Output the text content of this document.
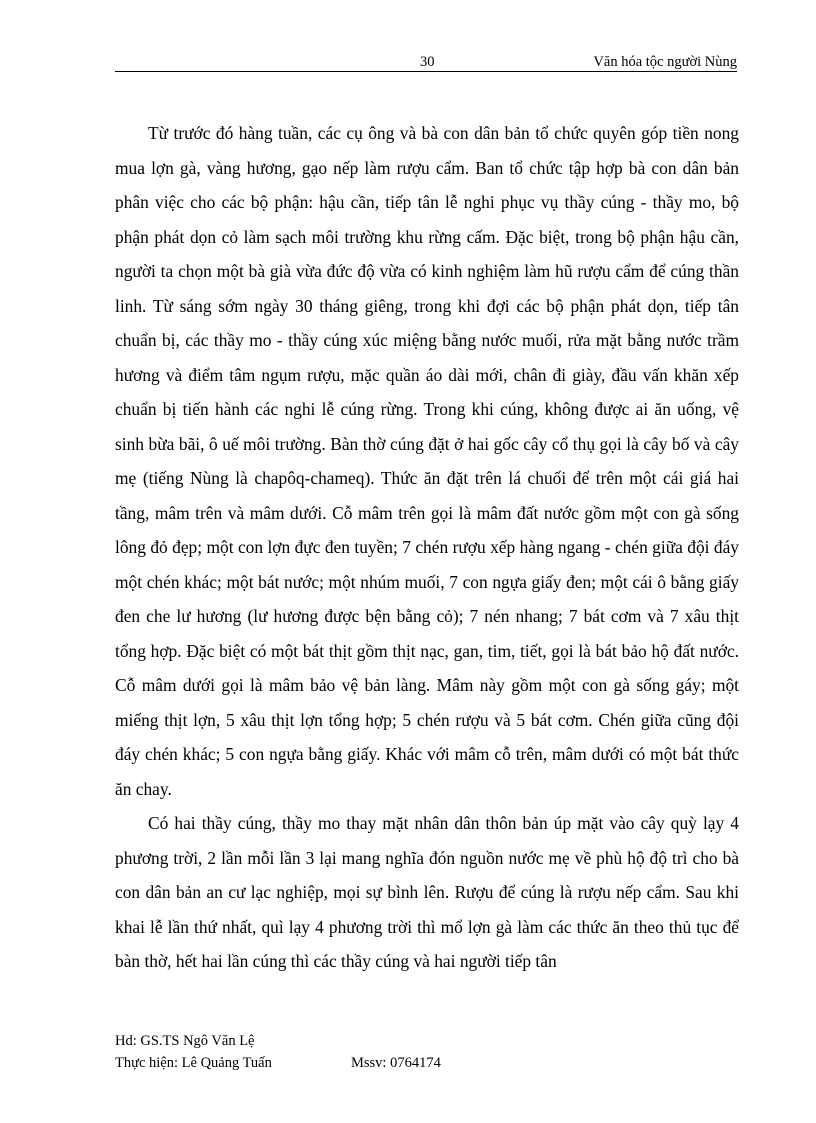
30	Văn hóa tộc người Nùng

Từ trước đó hàng tuần, các cụ ông và bà con dân bản tổ chức quyên góp tiền nong mua lợn gà, vàng hương, gạo nếp làm rượu cẩm. Ban tổ chức tập hợp bà con dân bản phân việc cho các bộ phận: hậu cần, tiếp tân lễ nghi phục vụ thầy cúng - thầy mo, bộ phận phát dọn cỏ làm sạch môi trường khu rừng cấm. Đặc biệt, trong bộ phận hậu cần, người ta chọn một bà già vừa đức độ vừa có kinh nghiệm làm hũ rượu cẩm để cúng thần linh. Từ sáng sớm ngày 30 tháng giêng, trong khi đợi các bộ phận phát dọn, tiếp tân chuẩn bị, các thầy mo - thầy cúng xúc miệng bằng nước muối, rửa mặt bằng nước trầm hương và điểm tâm ngụm rượu, mặc quần áo dài mới, chân đi giày, đầu vấn khăn xếp chuẩn bị tiến hành các nghi lễ cúng rừng. Trong khi cúng, không được ai ăn uống, vệ sinh bừa bãi, ô uế môi trường. Bàn thờ cúng đặt ở hai gốc cây cổ thụ gọi là cây bố và cây mẹ (tiếng Nùng là chapôq-chameq). Thức ăn đặt trên lá chuối để trên một cái giá hai tầng, mâm trên và mâm dưới. Cỗ mâm trên gọi là mâm đất nước gồm một con gà sống lông đỏ đẹp; một con lợn đực đen tuyền; 7 chén rượu xếp hàng ngang - chén giữa đội đáy một chén khác; một bát nước; một nhúm muối, 7 con ngựa giấy đen; một cái ô bằng giấy đen che lư hương (lư hương được bện bằng cỏ); 7 nén nhang; 7 bát cơm và 7 xâu thịt tổng hợp. Đặc biệt có một bát thịt gồm thịt nạc, gan, tim, tiết, gọi là bát bảo hộ đất nước. Cỗ mâm dưới gọi là mâm bảo vệ bản làng. Mâm này gồm một con gà sống gáy; một miếng thịt lợn, 5 xâu thịt lợn tổng hợp; 5 chén rượu và 5 bát cơm. Chén giữa cũng đội đáy chén khác; 5 con ngựa bằng giấy. Khác với mâm cỗ trên, mâm dưới có một bát thức ăn chay.

Có hai thầy cúng, thầy mo thay mặt nhân dân thôn bản úp mặt vào cây quỳ lạy 4 phương trời, 2 lần mỗi lần 3 lại mang nghĩa đón nguồn nước mẹ về phù hộ độ trì cho bà con dân bản an cư lạc nghiệp, mọi sự bình lên. Rượu để cúng là rượu nếp cẩm. Sau khi khai lễ lần thứ nhất, quì lạy 4 phương trời thì mổ lợn gà làm các thức ăn theo thủ tục để bàn thờ, hết hai lần cúng thì các thầy cúng và hai người tiếp tân

Hd: GS.TS Ngô Văn Lệ
Thực hiện: Lê Quảng Tuấn	Mssv: 0764174
